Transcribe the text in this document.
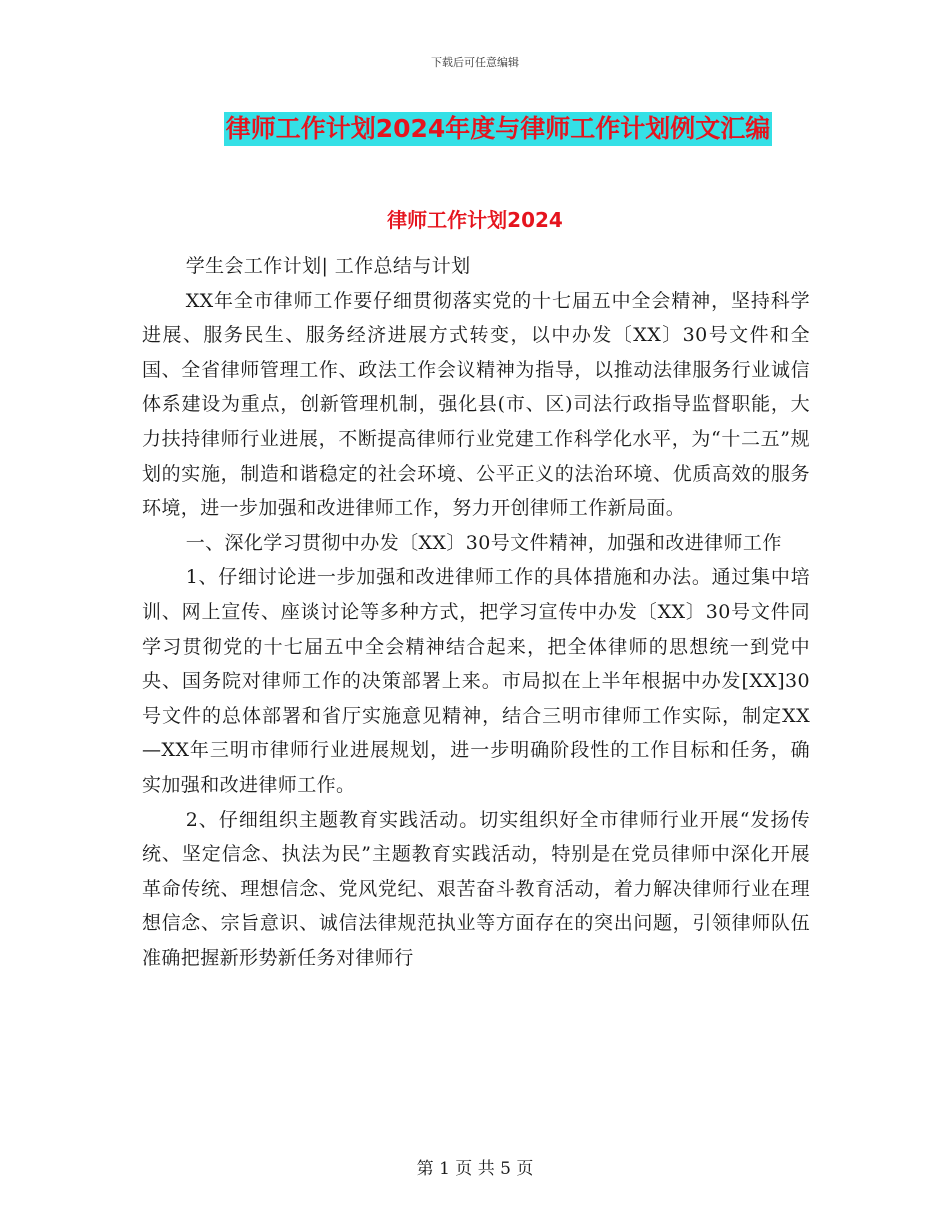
下载后可任意编辑
律师工作计划2024年度与律师工作计划例文汇编
律师工作计划2024

学生会工作计划| 工作总结与计划

XX年全市律师工作要仔细贯彻落实党的十七届五中全会精神，坚持科学进展、服务民生、服务经济进展方式转变，以中办发〔XX〕30号文件和全国、全省律师管理工作、政法工作会议精神为指导，以推动法律服务行业诚信体系建设为重点，创新管理机制，强化县(市、区)司法行政指导监督职能，大力扶持律师行业进展，不断提高律师行业党建工作科学化水平，为“十二五”规划的实施，制造和谐稳定的社会环境、公平正义的法治环境、优质高效的服务环境，进一步加强和改进律师工作，努力开创律师工作新局面。

一、深化学习贯彻中办发〔XX〕30号文件精神，加强和改进律师工作

1、仔细讨论进一步加强和改进律师工作的具体措施和办法。通过集中培训、网上宣传、座谈讨论等多种方式，把学习宣传中办发〔XX〕30号文件同学习贯彻党的十七届五中全会精神结合起来，把全体律师的思想统一到党中央、国务院对律师工作的决策部署上来。市局拟在上半年根据中办发[XX]30号文件的总体部署和省厅实施意见精神，结合三明市律师工作实际，制定XX—XX年三明市律师行业进展规划，进一步明确阶段性的工作目标和任务，确实加强和改进律师工作。

2、仔细组织主题教育实践活动。切实组织好全市律师行业开展“发扬传统、坚定信念、执法为民”主题教育实践活动，特别是在党员律师中深化开展革命传统、理想信念、党风党纪、艰苦奋斗教育活动，着力解决律师行业在理想信念、宗旨意识、诚信法律规范执业等方面存在的突出问题，引领律师队伍准确把握新形势新任务对律师行

第 1 页 共 5 页
